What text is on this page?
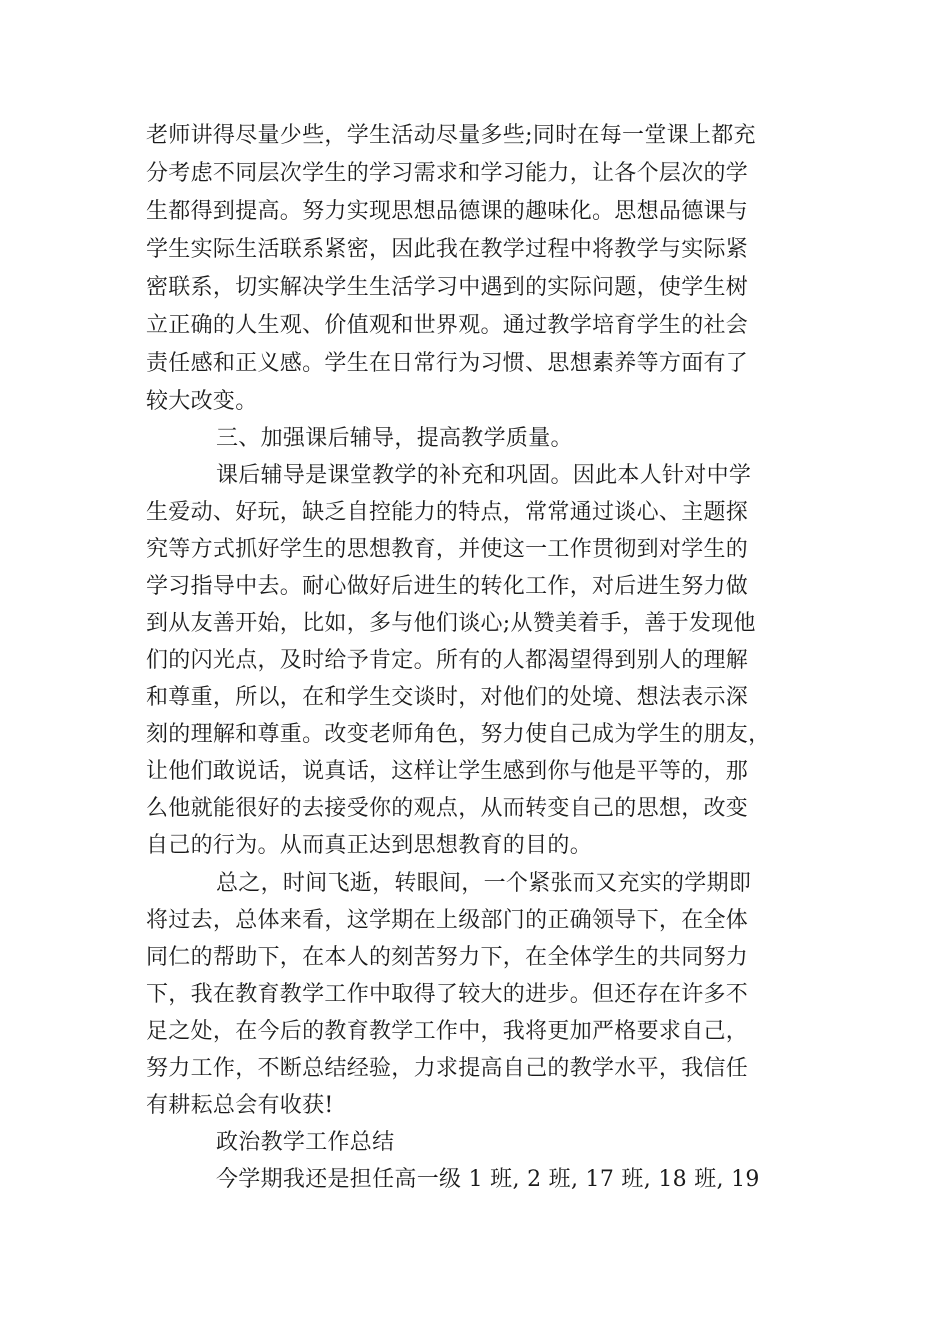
老师讲得尽量少些，学生活动尽量多些;同时在每一堂课上都充

分考虑不同层次学生的学习需求和学习能力，让各个层次的学

生都得到提高。努力实现思想品德课的趣味化。思想品德课与

学生实际生活联系紧密，因此我在教学过程中将教学与实际紧

密联系，切实解决学生生活学习中遇到的实际问题，使学生树

立正确的人生观、价值观和世界观。通过教学培育学生的社会

责任感和正义感。学生在日常行为习惯、思想素养等方面有了

较大改变。

三、加强课后辅导，提高教学质量。

课后辅导是课堂教学的补充和巩固。因此本人针对中学

生爱动、好玩，缺乏自控能力的特点，常常通过谈心、主题探

究等方式抓好学生的思想教育，并使这一工作贯彻到对学生的

学习指导中去。耐心做好后进生的转化工作，对后进生努力做

到从友善开始，比如，多与他们谈心;从赞美着手，善于发现他

们的闪光点，及时给予肯定。所有的人都渴望得到别人的理解

和尊重，所以，在和学生交谈时，对他们的处境、想法表示深

刻的理解和尊重。改变老师角色，努力使自己成为学生的朋友，

让他们敢说话，说真话，这样让学生感到你与他是平等的，那

么他就能很好的去接受你的观点，从而转变自己的思想，改变

自己的行为。从而真正达到思想教育的目的。

总之，时间飞逝，转眼间，一个紧张而又充实的学期即

将过去，总体来看，这学期在上级部门的正确领导下，在全体

同仁的帮助下，在本人的刻苦努力下，在全体学生的共同努力

下，我在教育教学工作中取得了较大的进步。但还存在许多不

足之处，在今后的教育教学工作中，我将更加严格要求自己，

努力工作，不断总结经验，力求提高自己的教学水平，我信任

有耕耘总会有收获!

政治教学工作总结

今学期我还是担任高一级 1 班, 2 班, 17 班, 18 班, 19
